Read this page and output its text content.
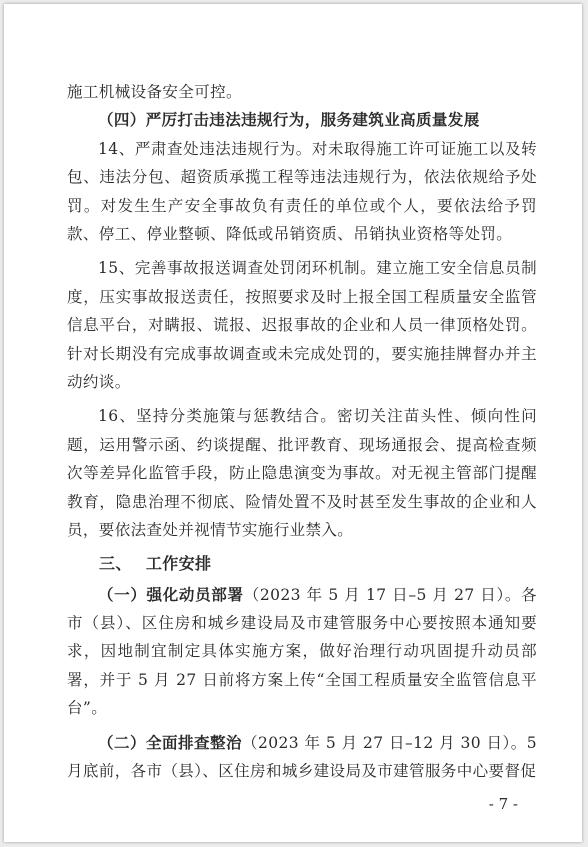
施工机械设备安全可控。

（四）严厉打击违法违规行为，服务建筑业高质量发展

14、严肃查处违法违规行为。对未取得施工许可证施工以及转包、违法分包、超资质承揽工程等违法违规行为，依法依规给予处罚。对发生生产安全事故负有责任的单位或个人，要依法给予罚款、停工、停业整顿、降低或吊销资质、吊销执业资格等处罚。

15、完善事故报送调查处罚闭环机制。建立施工安全信息员制度，压实事故报送责任，按照要求及时上报全国工程质量安全监管信息平台，对瞒报、谎报、迟报事故的企业和人员一律顶格处罚。针对长期没有完成事故调查或未完成处罚的，要实施挂牌督办并主动约谈。

16、坚持分类施策与惩教结合。密切关注苗头性、倾向性问题，运用警示函、约谈提醒、批评教育、现场通报会、提高检查频次等差异化监管手段，防止隐患演变为事故。对无视主管部门提醒教育，隐患治理不彻底、险情处置不及时甚至发生事故的企业和人员，要依法查处并视情节实施行业禁入。

三、 工作安排

（一）强化动员部署（2023 年 5 月 17 日–5 月 27 日）。各市（县）、区住房和城乡建设局及市建管服务中心要按照本通知要求，因地制宜制定具体实施方案，做好治理行动巩固提升动员部署，并于 5 月 27 日前将方案上传“全国工程质量安全监管信息平台”。

（二）全面排查整治（2023 年 5 月 27 日–12 月 30 日）。5 月底前，各市（县）、区住房和城乡建设局及市建管服务中心要督促

- 7 -
